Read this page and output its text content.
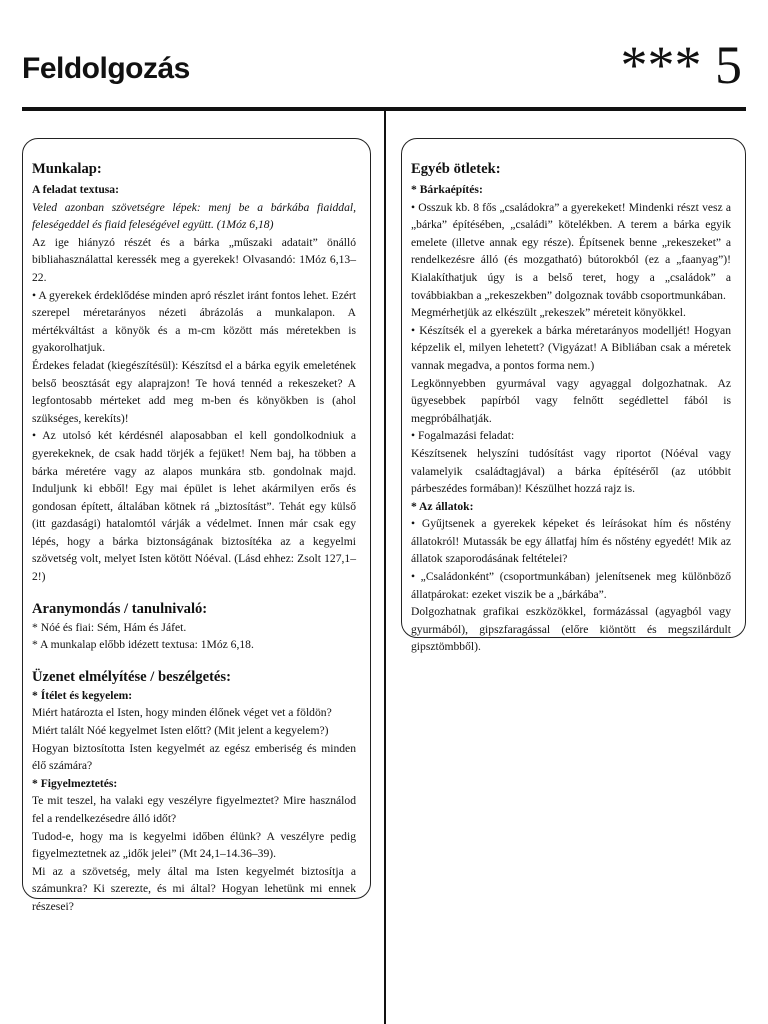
Feldolgozás	*** 5
Munkalap:

A feladat textusa:

Veled azonban szövetségre lépek: menj be a bárkába fiaiddal, feleségeddel és fiaid feleségével együtt. (1Móz 6,18)

Az ige hiányzó részét és a bárka „műszaki adatait” önálló bibliahasználattal keressék meg a gyerekek! Olvasandó: 1Móz 6,13–22.

• A gyerekek érdeklődése minden apró részlet iránt fontos lehet. Ezért szerepel méretarányos nézeti ábrázolás a munkalapon. A mértékváltást a könyök és a m-cm között más méretekben is gyakorolhatjuk.

Érdekes feladat (kiegészítésül): Készítsd el a bárka egyik emeletének belső beosztását egy alaprajzon! Te hová tennéd a rekeszeket? A legfontosabb mérteket add meg m-ben és könyökben is (ahol szükséges, kerekíts)!

• Az utolsó két kérdésnél alaposabban el kell gondolkodniuk a gyerekeknek, de csak hadd törjék a fejüket! Nem baj, ha többen a bárka méretére vagy az alapos munkára stb. gondolnak majd. Induljunk ki ebből! Egy mai épület is lehet akármilyen erős és gondosan épített, általában kötnek rá „biztosítást”. Tehát egy külső (itt gazdasági) hatalomtól várják a védelmet. Innen már csak egy lépés, hogy a bárka biztonságának biztosítéka az a kegyelmi szövetség volt, melyet Isten kötött Nóéval. (Lásd ehhez: Zsolt 127,1–2!)

Aranymondás / tanulnivaló:

* Nóé és fiai: Sém, Hám és Jáfet.

* A munkalap előbb idézett textusa: 1Móz 6,18.

Üzenet elmélyítése / beszélgetés:

* Ítélet és kegyelem:

Miért határozta el Isten, hogy minden élőnek véget vet a földön?

Miért talált Nóé kegyelmet Isten előtt? (Mit jelent a kegyelem?)

Hogyan biztosította Isten kegyelmét az egész emberiség és minden élő számára?

* Figyelmeztetés:

Te mit teszel, ha valaki egy veszélyre figyelmeztet? Mire használod fel a rendelkezésedre álló időt?

Tudod-e, hogy ma is kegyelmi időben élünk? A veszélyre pedig figyelmeztetnek az „idők jelei” (Mt 24,1–14.36–39).

Mi az a szövetség, mely által ma Isten kegyelmét biztosítja a számunkra? Ki szerezte, és mi által? Hogyan lehetünk mi ennek részesei?

Egyéb ötletek:

* Bárkaépítés:

• Osszuk kb. 8 fős „családokra” a gyerekeket! Mindenki részt vesz a „bárka” építésében, „családi” kötelékben. A terem a bárka egyik emelete (illetve annak egy része). Építsenek benne „rekeszeket” a rendelkezésre álló (és mozgatható) bútorokból (ez a „faanyag”)! Kialakíthatjuk úgy is a belső teret, hogy a „családok” a továbbiakban a „rekeszekben” dolgoznak tovább csoportmunkában.

Megmérhetjük az elkészült „rekeszek” méreteit könyökkel.

• Készítsék el a gyerekek a bárka méretarányos modelljét! Hogyan képzelik el, milyen lehetett? (Vigyázat! A Bibliában csak a méretek vannak megadva, a pontos forma nem.)

Legkönnyebben gyurmával vagy agyaggal dolgozhatnak. Az ügyesebbek papírból vagy felnőtt segédlettel fából is megpróbálhatják.

• Fogalmazási feladat:

Készítsenek helyszíni tudósítást vagy riportot (Nóéval vagy valamelyik családtagjával) a bárka építéséről (az utóbbit párbeszédes formában)! Készülhet hozzá rajz is.

* Az állatok:

• Gyűjtsenek a gyerekek képeket és leírásokat hím és nőstény állatokról! Mutassák be egy állatfaj hím és nőstény egyedét! Mik az állatok szaporodásának feltételei?

• „Családonként” (csoportmunkában) jelenítsenek meg különböző állatpárokat: ezeket viszik be a „bárkába”.

Dolgozhatnak grafikai eszközökkel, formázással (agyagból vagy gyurmából), gipszfaragással (előre kiöntött és megszilárdult gipsztömbből).
